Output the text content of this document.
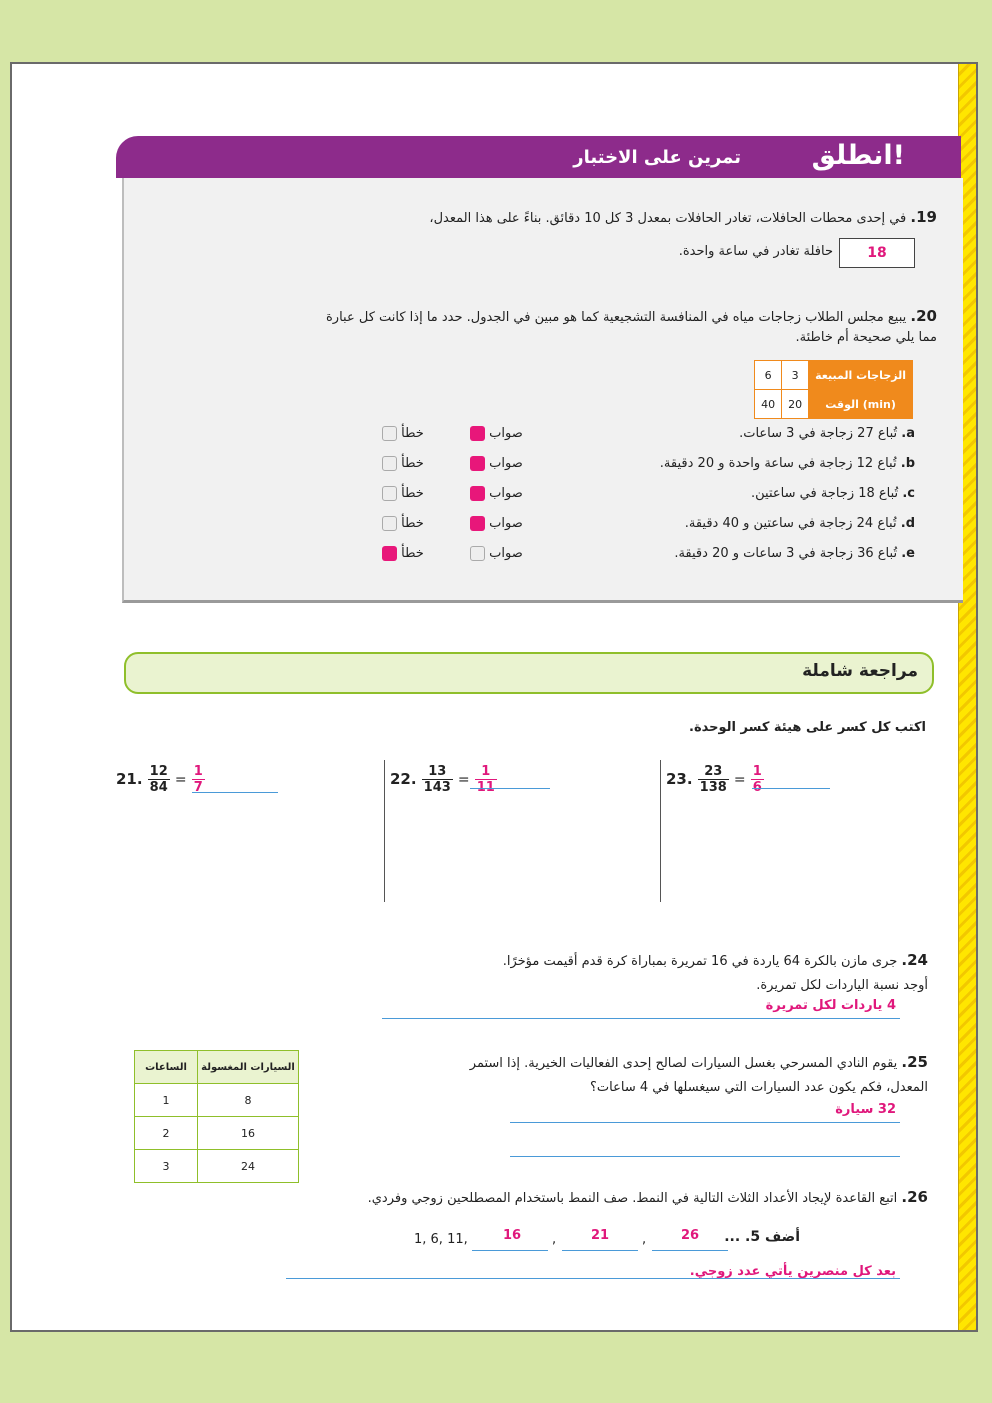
انطلق!
تمرين على الاختبار
19. في إحدى محطات الحافلات، تغادر الحافلات بمعدل 3 كل 10 دقائق. بناءً على هذا المعدل،
18
حافلة تغادر في ساعة واحدة.
20. يبيع مجلس الطلاب زجاجات مياه في المنافسة التشجيعية كما هو مبين في الجدول. حدد ما إذا كانت كل عبارة
مما يلي صحيحة أم خاطئة.
6	3	الزجاجات المبيعة
40	20	الوقت (min)
a. تُباع 27 زجاجة في 3 ساعات.
صواب
خطأ
b. تُباع 12 زجاجة في ساعة واحدة و 20 دقيقة.
صواب
خطأ
c. تُباع 18 زجاجة في ساعتين.
صواب
خطأ
d. تُباع 24 زجاجة في ساعتين و 40 دقيقة.
صواب
خطأ
e. تُباع 36 زجاجة في 3 ساعات و 20 دقيقة.
صواب
خطأ
مراجعة شاملة
اكتب كل كسر على هيئة كسر الوحدة.
21. $\frac{12}{84} = \frac{1}{7}$	22. $\frac{13}{143} = \frac{1}{11}$	23. $\frac{23}{138} = \frac{1}{6}$
24. جرى مازن بالكرة 64 ياردة في 16 تمريرة بمباراة كرة قدم أقيمت مؤخرًا.
أوجد نسبة الياردات لكل تمريرة.
4 ياردات لكل تمريرة
الساعات	السيارات المغسولة
1	8
2	16
3	24
25. يقوم النادي المسرحي بغسل السيارات لصالح إحدى الفعاليات الخيرية. إذا استمر
المعدل، فكم يكون عدد السيارات التي سيغسلها في 4 ساعات؟
32 سيارة
26. اتبع القاعدة لإيجاد الأعداد الثلاث التالية في النمط. صف النمط باستخدام المصطلحين زوجي وفردي.
أضف 5. ...
1, 6, 11,	16	,	21	,	26
بعد كل منصرين يأتي عدد زوجي.
